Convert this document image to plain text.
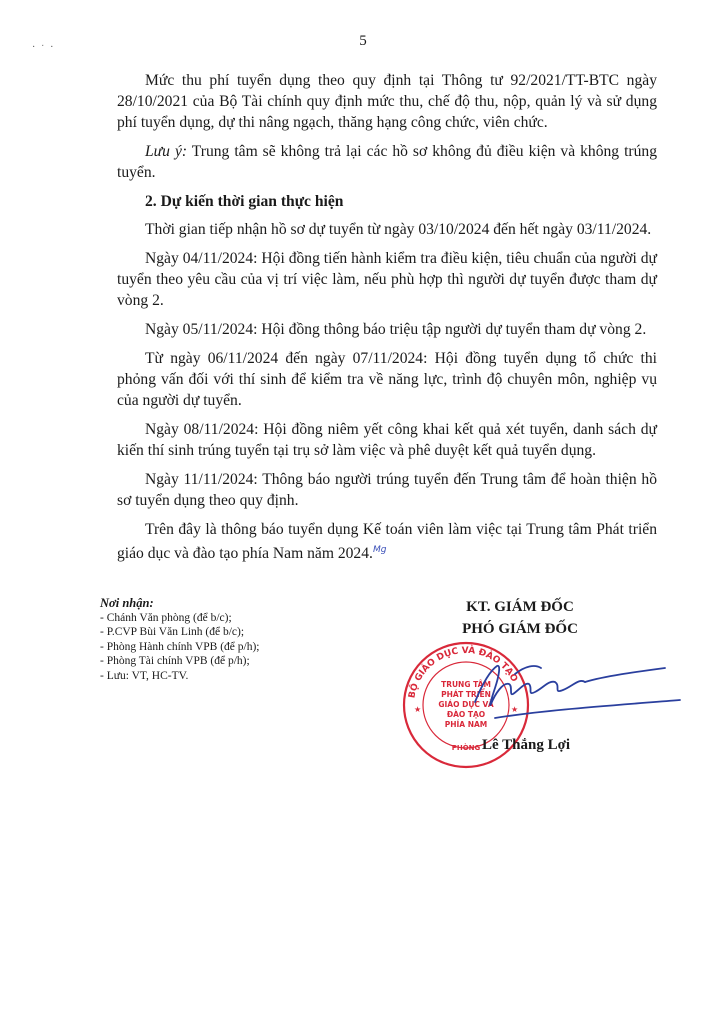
5
·ˑ·

Mức thu phí tuyển dụng theo quy định tại Thông tư 92/2021/TT-BTC ngày 28/10/2021 của Bộ Tài chính quy định mức thu, chế độ thu, nộp, quản lý và sử dụng phí tuyển dụng, dự thi nâng ngạch, thăng hạng công chức, viên chức.

Lưu ý: Trung tâm sẽ không trả lại các hồ sơ không đủ điều kiện và không trúng tuyển.

2. Dự kiến thời gian thực hiện

Thời gian tiếp nhận hồ sơ dự tuyển từ ngày 03/10/2024 đến hết ngày 03/11/2024.

Ngày 04/11/2024: Hội đồng tiến hành kiểm tra điều kiện, tiêu chuẩn của người dự tuyển theo yêu cầu của vị trí việc làm, nếu phù hợp thì người dự tuyển được tham dự vòng 2.

Ngày 05/11/2024: Hội đồng thông báo triệu tập người dự tuyển tham dự vòng 2.

Từ ngày 06/11/2024 đến ngày 07/11/2024: Hội đồng tuyển dụng tổ chức thi phỏng vấn đối với thí sinh để kiểm tra về năng lực, trình độ chuyên môn, nghiệp vụ của người dự tuyển.

Ngày 08/11/2024: Hội đồng niêm yết công khai kết quả xét tuyển, danh sách dự kiến thí sinh trúng tuyển tại trụ sở làm việc và phê duyệt kết quả tuyển dụng.

Ngày 11/11/2024: Thông báo người trúng tuyển đến Trung tâm để hoàn thiện hồ sơ tuyển dụng theo quy định.

Trên đây là thông báo tuyển dụng Kế toán viên làm việc tại Trung tâm Phát triển giáo dục và đào tạo phía Nam năm 2024.$^{Mg}$

Nơi nhận:
- Chánh Văn phòng (để b/c);
- P.CVP Bùi Văn Linh (để b/c);
- Phòng Hành chính VPB (để p/h);
- Phòng Tài chính VPB (để p/h);
- Lưu: VT, HC-TV.
KT. GIÁM ĐỐC
PHÓ GIÁM ĐỐC
BỘ GIÁO DỤC VÀ ĐÀO TẠO
TRUNG TÂM
PHÁT TRIỂN
GIÁO DỤC VÀ
ĐÀO TẠO
PHÍA NAM
PHÒNG
★	★
Lê Thắng Lợi
